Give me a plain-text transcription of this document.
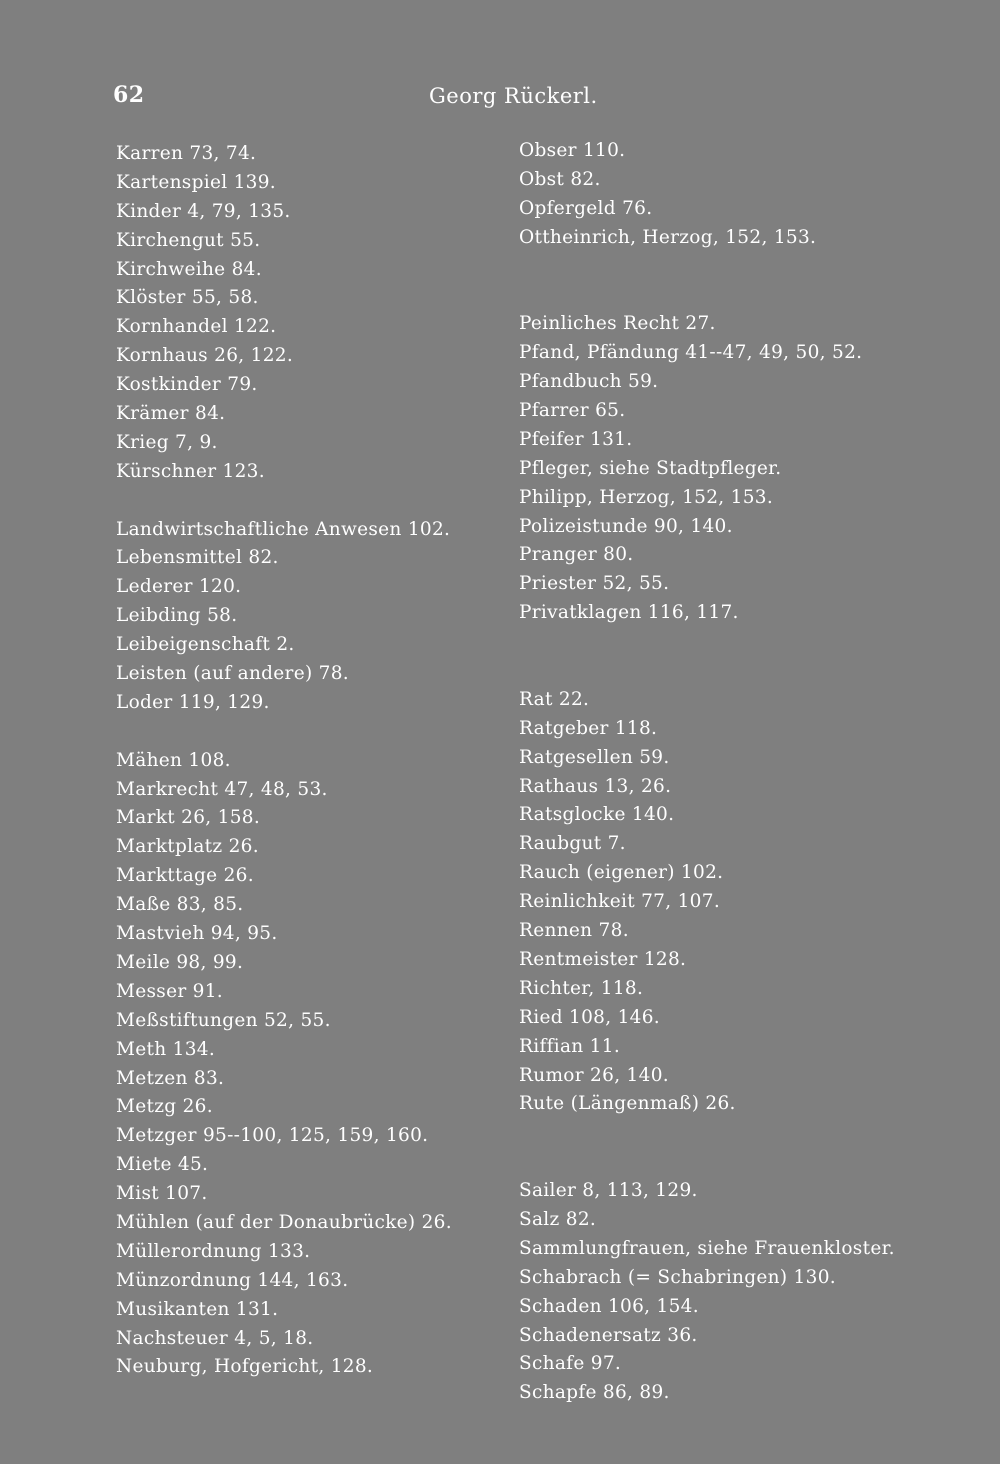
62	Georg Rückerl.
Karren 73, 74.
Kartenspiel 139.
Kinder 4, 79, 135.
Kirchengut 55.
Kirchweihe 84.
Klöster 55, 58.
Kornhandel 122.
Kornhaus 26, 122.
Kostkinder 79.
Krämer 84.
Krieg 7, 9.
Kürschner 123.
Landwirtschaftliche Anwesen 102.
Lebensmittel 82.
Lederer 120.
Leibding 58.
Leibeigenschaft 2.
Leisten (auf andere) 78.
Loder 119, 129.
Mähen 108.
Markrecht 47, 48, 53.
Markt 26, 158.
Marktplatz 26.
Markttage 26.
Maße 83, 85.
Mastvieh 94, 95.
Meile 98, 99.
Messer 91.
Meßstiftungen 52, 55.
Meth 134.
Metzen 83.
Metzg 26.
Metzger 95--100, 125, 159, 160.
Miete 45.
Mist 107.
Mühlen (auf der Donaubrücke) 26.
Müllerordnung 133.
Münzordnung 144, 163.
Musikanten 131.
Nachsteuer 4, 5, 18.
Neuburg, Hofgericht, 128.
Obser 110.
Obst 82.
Opfergeld 76.
Ottheinrich, Herzog, 152, 153.
Peinliches Recht 27.
Pfand, Pfändung 41--47, 49, 50, 52.
Pfandbuch 59.
Pfarrer 65.
Pfeifer 131.
Pfleger, siehe Stadtpfleger.
Philipp, Herzog, 152, 153.
Polizeistunde 90, 140.
Pranger 80.
Priester 52, 55.
Privatklagen 116, 117.
Rat 22.
Ratgeber 118.
Ratgesellen 59.
Rathaus 13, 26.
Ratsglocke 140.
Raubgut 7.
Rauch (eigener) 102.
Reinlichkeit 77, 107.
Rennen 78.
Rentmeister 128.
Richter, 118.
Ried 108, 146.
Riffian 11.
Rumor 26, 140.
Rute (Längenmaß) 26.
Sailer 8, 113, 129.
Salz 82.
Sammlungfrauen, siehe Frauenkloster.
Schabrach (= Schabringen) 130.
Schaden 106, 154.
Schadenersatz 36.
Schafe 97.
Schapfe 86, 89.
